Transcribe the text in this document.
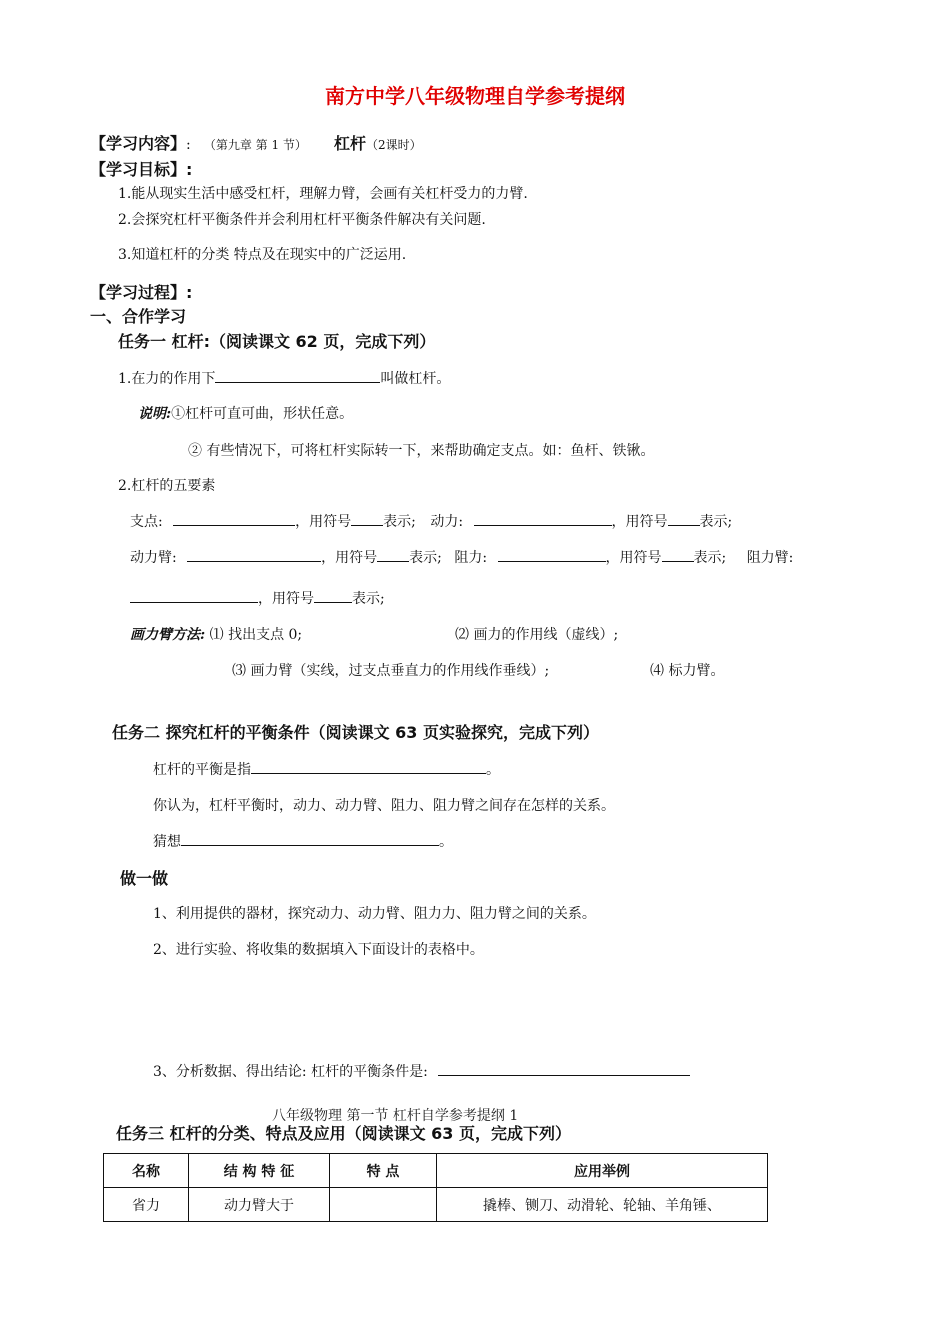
南方中学八年级物理自学参考提纲
【学习内容】: （第九章 第 1 节） 杠杆（2课时）
【学习目标】:
1.能从现实生活中感受杠杆，理解力臂，会画有关杠杆受力的力臂.
2.会探究杠杆平衡条件并会利用杠杆平衡条件解决有关问题.
3.知道杠杆的分类 特点及在现实中的广泛运用.
【学习过程】:
一、合作学习
任务一 杠杆:（阅读课文 62 页，完成下列）
1.在力的作用下	叫做杠杆。
说明:①杠杆可直可曲，形状任意。
② 有些情况下，可将杠杆实际转一下，来帮助确定支点。如：鱼杆、铁锹。
2.杠杆的五要素
支点:	，用符号 表示; 动力:	，用符号 表示;
动力臂:	，用符号 表示; 阻力:	，用符号 表示; 阻力臂:
，用符号	表示;
画力臂方法: ⑴ 找出支点 0;	⑵ 画力的作用线（虚线）;
⑶ 画力臂（实线，过支点垂直力的作用线作垂线）;	⑷ 标力臂。
任务二 探究杠杆的平衡条件（阅读课文 63 页实验探究，完成下列）
杠杆的平衡是指	。
你认为，杠杆平衡时，动力、动力臂、阻力、阻力臂之间存在怎样的关系。
猜想	。
做一做
1、利用提供的器材，探究动力、动力臂、阻力力、阻力臂之间的关系。
2、进行实验、将收集的数据填入下面设计的表格中。
3、分析数据、得出结论: 杠杆的平衡条件是:
八年级物理 第一节 杠杆自学参考提纲 1
任务三 杠杆的分类、特点及应用（阅读课文 63 页，完成下列）
名称	结 构 特 征	特 点	应用举例
省力	动力臂大于		撬棒、铡刀、动滑轮、轮轴、羊角锤、
